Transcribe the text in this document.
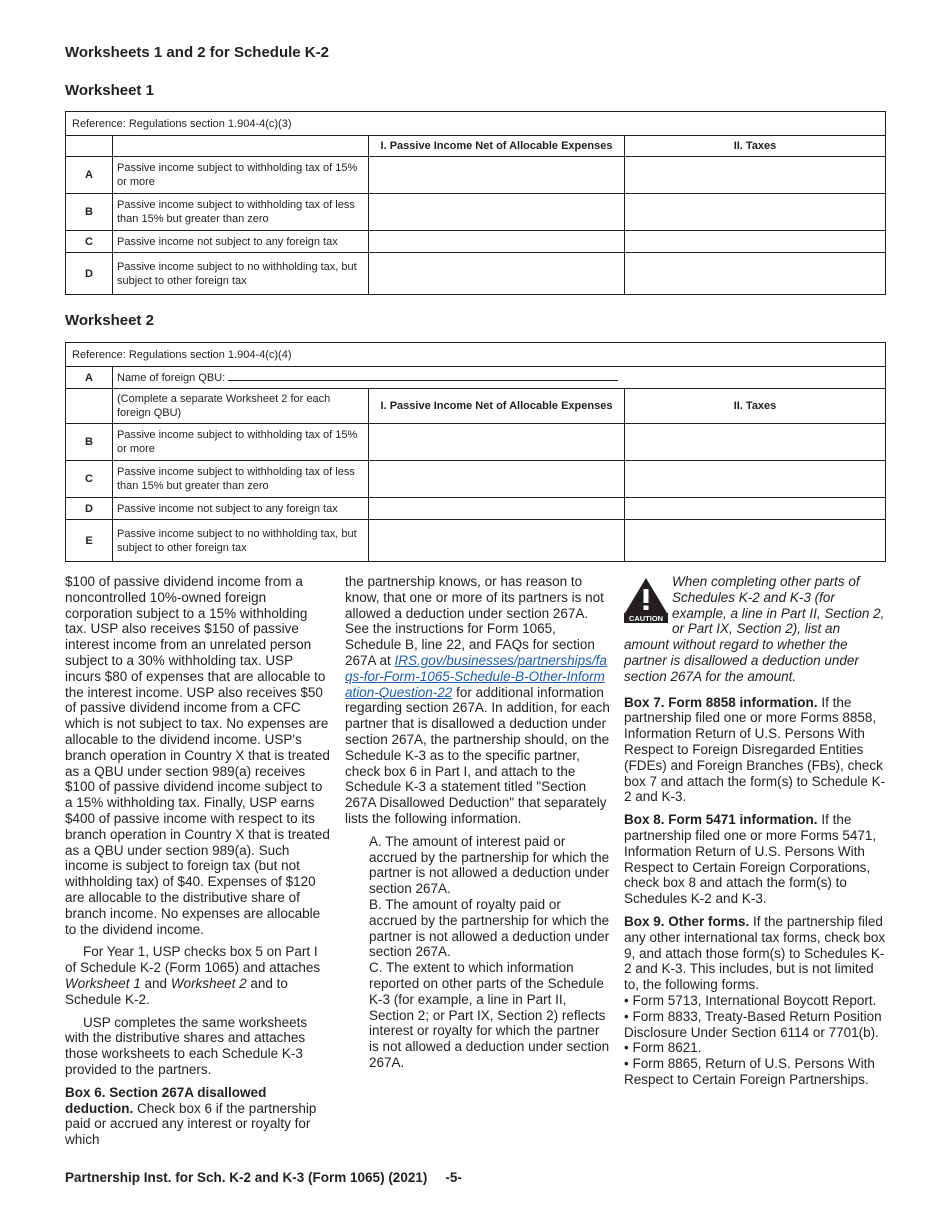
Worksheets 1 and 2 for Schedule K-2
Worksheet 1
Reference: Regulations section 1.904-4(c)(3)			
		I. Passive Income Net of Allocable Expenses	II. Taxes
A	Passive income subject to withholding tax of 15% or more		
B	Passive income subject to withholding tax of less than 15% but greater than zero		
C	Passive income not subject to any foreign tax		
D	Passive income subject to no withholding tax, but subject to other foreign tax		
Worksheet 2
Reference: Regulations section 1.904-4(c)(4)			
A	Name of foreign QBU:		
	(Complete a separate Worksheet 2 for each foreign QBU)	I. Passive Income Net of Allocable Expenses	II. Taxes
B	Passive income subject to withholding tax of 15% or more		
C	Passive income subject to withholding tax of less than 15% but greater than zero		
D	Passive income not subject to any foreign tax		
E	Passive income subject to no withholding tax, but subject to other foreign tax		

$100 of passive dividend income from a noncontrolled 10%-owned foreign corporation subject to a 15% withholding tax. USP also receives $150 of passive interest income from an unrelated person subject to a 30% withholding tax. USP incurs $80 of expenses that are allocable to the interest income. USP also receives $50 of passive dividend income from a CFC which is not subject to tax. No expenses are allocable to the dividend income. USP's branch operation in Country X that is treated as a QBU under section 989(a) receives $100 of passive dividend income subject to a 15% withholding tax. Finally, USP earns $400 of passive income with respect to its branch operation in Country X that is treated as a QBU under section 989(a). Such income is subject to foreign tax (but not withholding tax) of $40. Expenses of $120 are allocable to the distributive share of branch income. No expenses are allocable to the dividend income.

For Year 1, USP checks box 5 on Part I of Schedule K-2 (Form 1065) and attaches Worksheet 1 and Worksheet 2 and to Schedule K-2.

USP completes the same worksheets with the distributive shares and attaches those worksheets to each Schedule K-3 provided to the partners.

Box 6. Section 267A disallowed deduction. Check box 6 if the partnership paid or accrued any interest or royalty for which

the partnership knows, or has reason to know, that one or more of its partners is not allowed a deduction under section 267A. See the instructions for Form 1065, Schedule B, line 22, and FAQs for section 267A at IRS.gov/businesses/partnerships/faqs-for-Form-1065-Schedule-B-Other-Information-Question-22 for additional information regarding section 267A. In addition, for each partner that is disallowed a deduction under section 267A, the partnership should, on the Schedule K-3 as to the specific partner, check box 6 in Part I, and attach to the Schedule K-3 a statement titled "Section 267A Disallowed Deduction" that separately lists the following information.

A. The amount of interest paid or accrued by the partnership for which the partner is not allowed a deduction under section 267A.

B. The amount of royalty paid or accrued by the partnership for which the partner is not allowed a deduction under section 267A.

C. The extent to which information reported on other parts of the Schedule K-3 (for example, a line in Part II, Section 2; or Part IX, Section 2) reflects interest or royalty for which the partner is not allowed a deduction under section 267A.

CAUTION
When completing other parts of Schedules K-2 and K-3 (for example, a line in Part II, Section 2, or Part IX, Section 2), list an amount without regard to whether the partner is disallowed a deduction under section 267A for the amount.

Box 7. Form 8858 information. If the partnership filed one or more Forms 8858, Information Return of U.S. Persons With Respect to Foreign Disregarded Entities (FDEs) and Foreign Branches (FBs), check box 7 and attach the form(s) to Schedule K-2 and K-3.

Box 8. Form 5471 information. If the partnership filed one or more Forms 5471, Information Return of U.S. Persons With Respect to Certain Foreign Corporations, check box 8 and attach the form(s) to Schedules K-2 and K-3.

Box 9. Other forms. If the partnership filed any other international tax forms, check box 9, and attach those form(s) to Schedules K-2 and K-3. This includes, but is not limited to, the following forms.

• Form 5713, International Boycott Report.

• Form 8833, Treaty-Based Return Position Disclosure Under Section 6114 or 7701(b).

• Form 8621.

• Form 8865, Return of U.S. Persons With Respect to Certain Foreign Partnerships.

Partnership Inst. for Sch. K-2 and K-3 (Form 1065) (2021) -5-
